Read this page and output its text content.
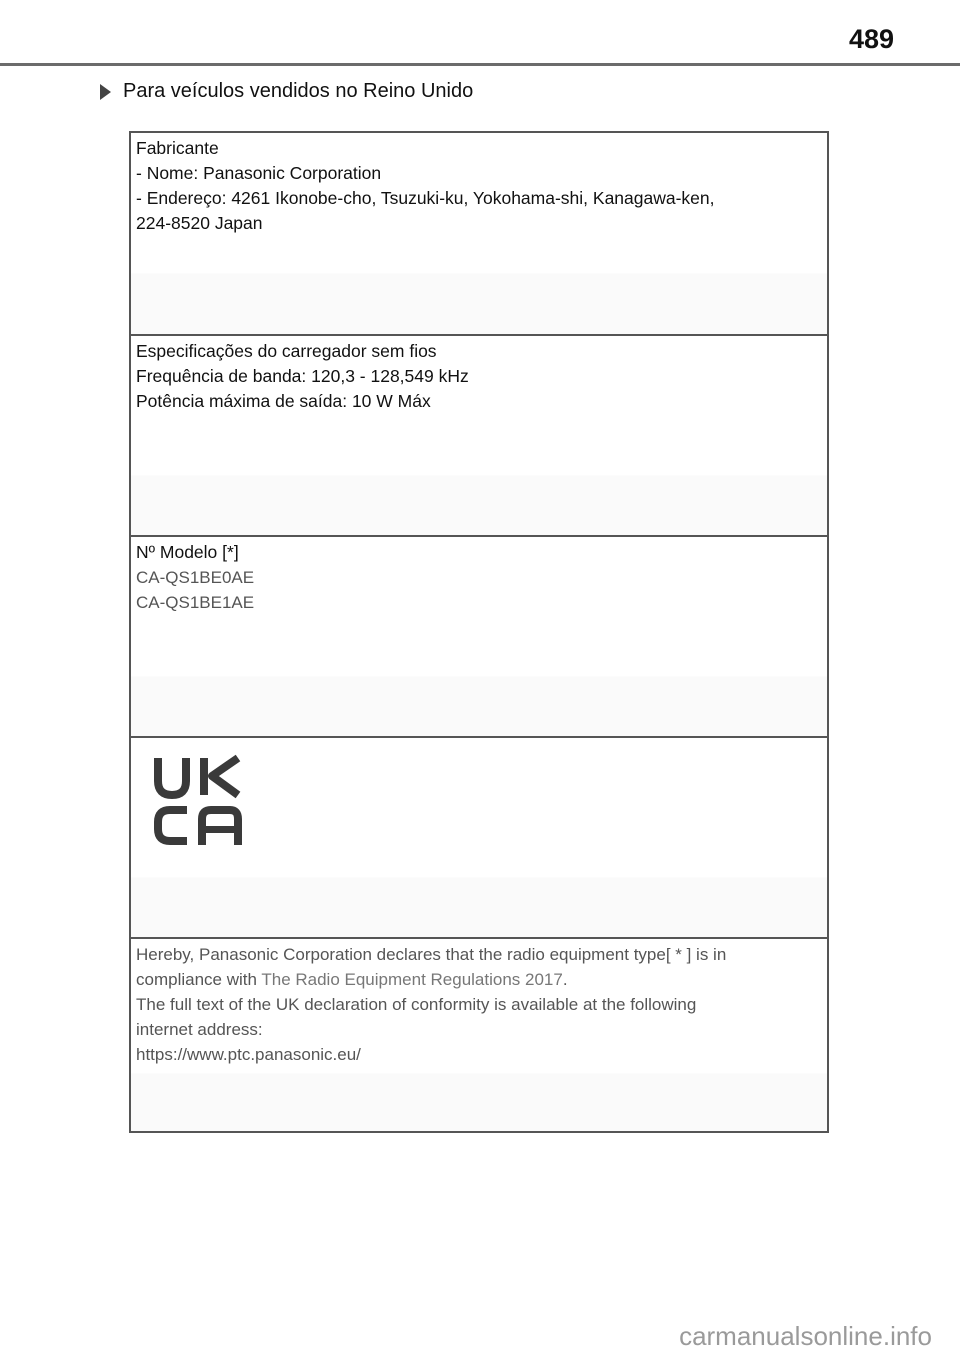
489
Para veículos vendidos no Reino Unido
Fabricante
- Nome: Panasonic Corporation
- Endereço: 4261 Ikonobe-cho, Tsuzuki-ku, Yokohama-shi, Kanagawa-ken,
224-8520 Japan
Especificações do carregador sem fios
Frequência de banda: 120,3 - 128,549 kHz
Potência máxima de saída: 10 W Máx
Nº Modelo [*]
CA-QS1BE0AE
CA-QS1BE1AE
Hereby, Panasonic Corporation declares that the radio equipment type[ * ] is in
compliance with The Radio Equipment Regulations 2017.
The full text of the UK declaration of conformity is available at the following
internet address:
https://www.ptc.panasonic.eu/
carmanualsonline.info
